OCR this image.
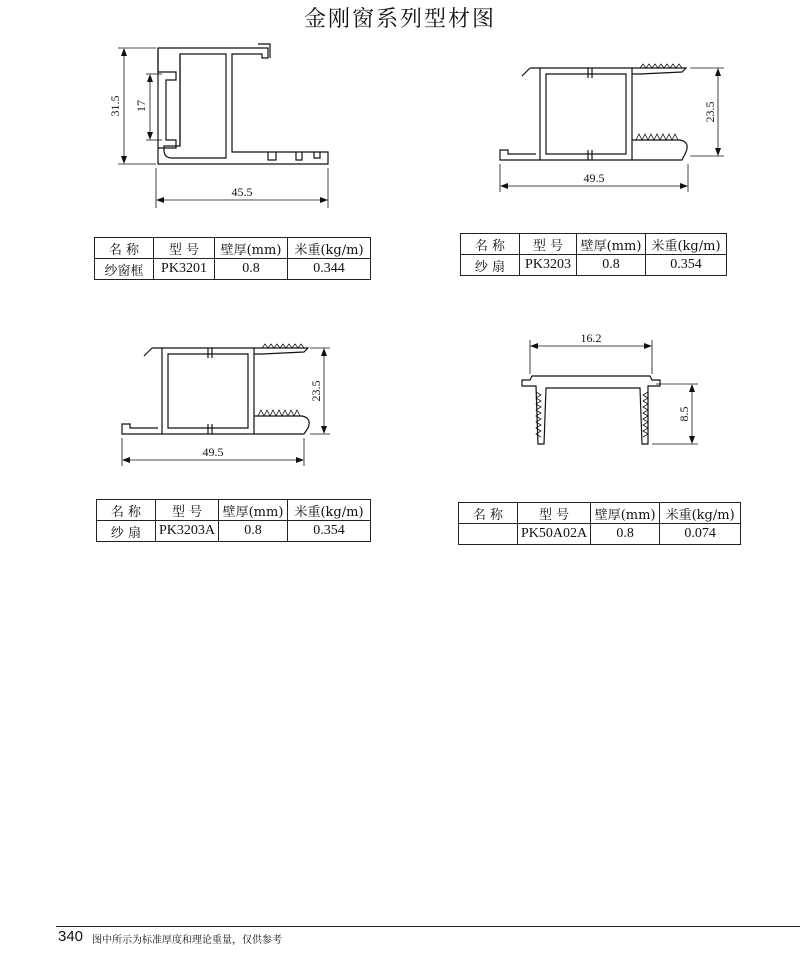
金刚窗系列型材图
31.5 17
45.5
23.5
49.5
23.5
49.5
16.2
8.5
名 称	型 号	壁厚(mm)	米重(kg/m)
纱窗框	PK3201	0.8	0.344
名 称	型 号	壁厚(mm)	米重(kg/m)
纱 扇	PK3203	0.8	0.354
名 称	型 号	壁厚(mm)	米重(kg/m)
纱 扇	PK3203A	0.8	0.354
名 称	型 号	壁厚(mm)	米重(kg/m)
	PK50A02A	0.8	0.074
340 图中所示为标准厚度和理论重量，仅供参考
